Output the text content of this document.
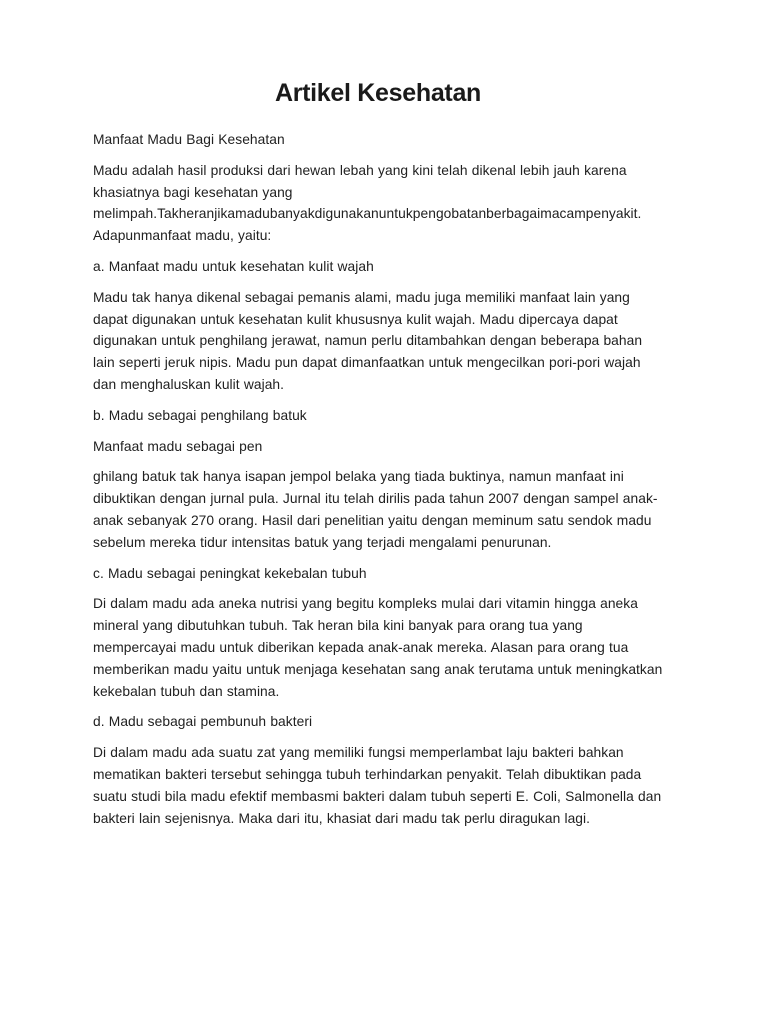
Artikel Kesehatan

Manfaat Madu Bagi Kesehatan

Madu adalah hasil produksi dari hewan lebah yang kini telah dikenal lebih jauh karena khasiatnya bagi kesehatan yang melimpah.Takheranjikamadubanyakdigunakanuntukpengobatanberbagaimacampenyakit. Adapunmanfaat madu, yaitu:

a. Manfaat madu untuk kesehatan kulit wajah

Madu tak hanya dikenal sebagai pemanis alami, madu juga memiliki manfaat lain yang dapat digunakan untuk kesehatan kulit khususnya kulit wajah. Madu dipercaya dapat digunakan untuk penghilang jerawat, namun perlu ditambahkan dengan beberapa bahan lain seperti jeruk nipis. Madu pun dapat dimanfaatkan untuk mengecilkan pori-pori wajah dan menghaluskan kulit wajah.

b. Madu sebagai penghilang batuk

Manfaat madu sebagai pen

ghilang batuk tak hanya isapan jempol belaka yang tiada buktinya, namun manfaat ini dibuktikan dengan jurnal pula. Jurnal itu telah dirilis pada tahun 2007 dengan sampel anak-anak sebanyak 270 orang. Hasil dari penelitian yaitu dengan meminum satu sendok madu sebelum mereka tidur intensitas batuk yang terjadi mengalami penurunan.

c. Madu sebagai peningkat kekebalan tubuh

Di dalam madu ada aneka nutrisi yang begitu kompleks mulai dari vitamin hingga aneka mineral yang dibutuhkan tubuh. Tak heran bila kini banyak para orang tua yang mempercayai madu untuk diberikan kepada anak-anak mereka. Alasan para orang tua memberikan madu yaitu untuk menjaga kesehatan sang anak terutama untuk meningkatkan kekebalan tubuh dan stamina.

d. Madu sebagai pembunuh bakteri

Di dalam madu ada suatu zat yang memiliki fungsi memperlambat laju bakteri bahkan mematikan bakteri tersebut sehingga tubuh terhindarkan penyakit. Telah dibuktikan pada suatu studi bila madu efektif membasmi bakteri dalam tubuh seperti E. Coli, Salmonella dan bakteri lain sejenisnya. Maka dari itu, khasiat dari madu tak perlu diragukan lagi.
